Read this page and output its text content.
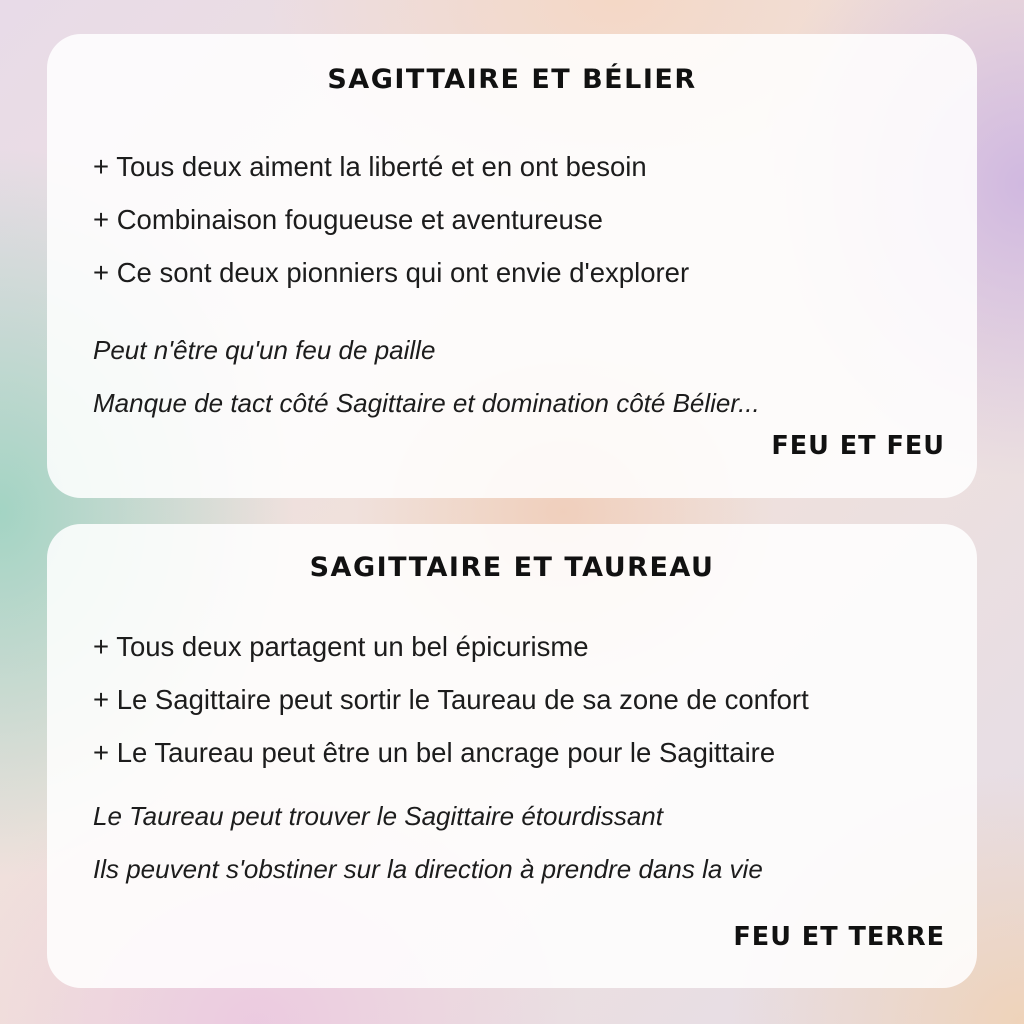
SAGITTAIRE ET BÉLIER
+ Tous deux aiment la liberté et en ont besoin
+ Combinaison fougueuse et aventureuse
+ Ce sont deux pionniers qui ont envie d'explorer
Peut n'être qu'un feu de paille
Manque de tact côté Sagittaire et domination côté Bélier...
FEU ET FEU
SAGITTAIRE ET TAUREAU
+ Tous deux partagent un bel épicurisme
+ Le Sagittaire peut sortir le Taureau de sa zone de confort
+ Le Taureau peut être un bel ancrage pour le Sagittaire
Le Taureau peut trouver le Sagittaire étourdissant
Ils peuvent s'obstiner sur la direction à prendre dans la vie
FEU ET TERRE
